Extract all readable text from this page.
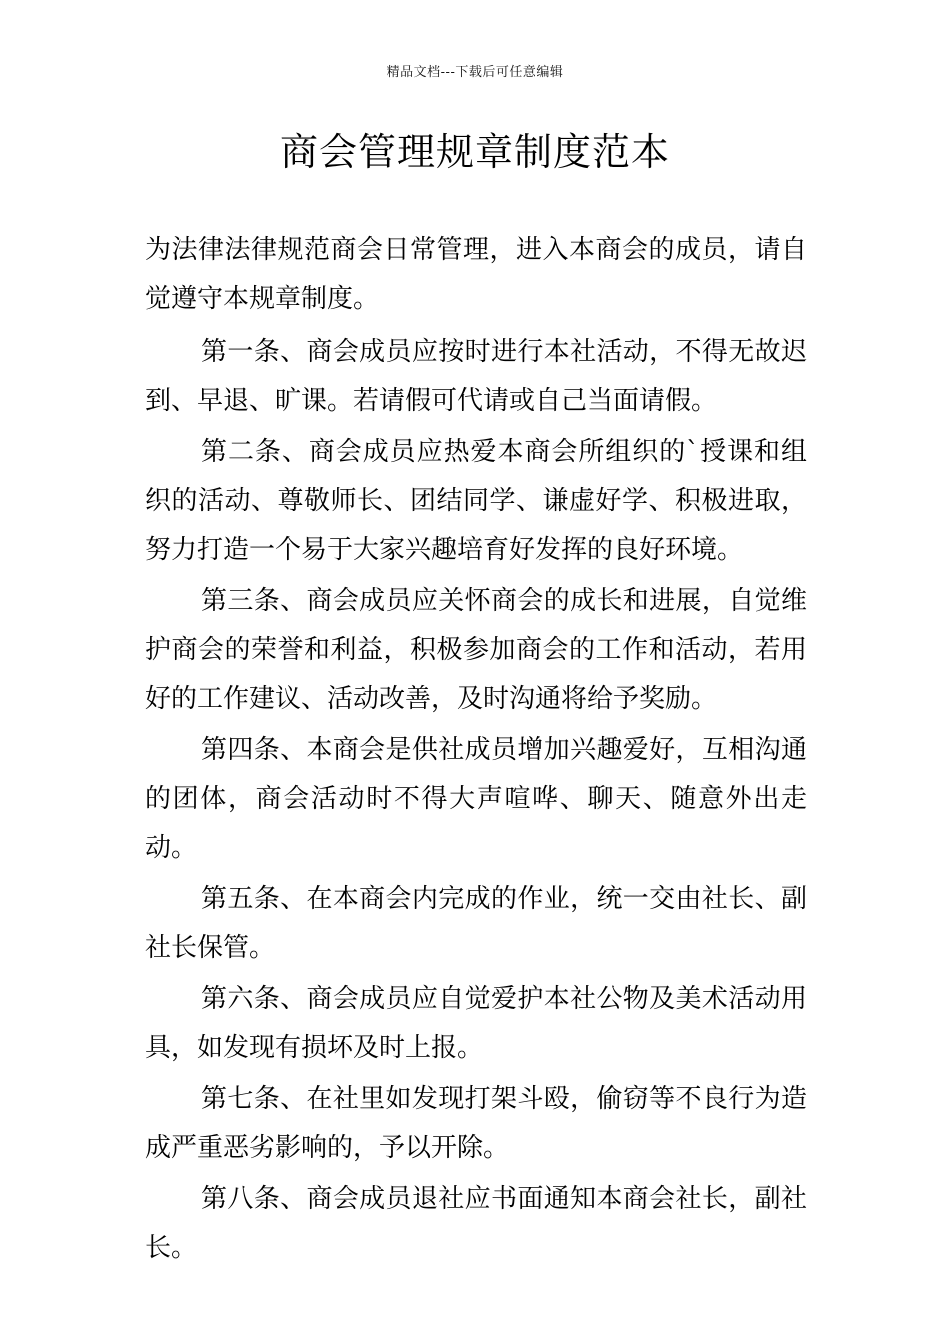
精品文档---下载后可任意编辑
商会管理规章制度范本

为法律法律规范商会日常管理，进入本商会的成员，请自觉遵守本规章制度。

第一条、商会成员应按时进行本社活动，不得无故迟到、早退、旷课。若请假可代请或自己当面请假。

第二条、商会成员应热爱本商会所组织的`授课和组织的活动、尊敬师长、团结同学、谦虚好学、积极进取，努力打造一个易于大家兴趣培育好发挥的良好环境。

第三条、商会成员应关怀商会的成长和进展，自觉维护商会的荣誉和利益，积极参加商会的工作和活动，若用好的工作建议、活动改善，及时沟通将给予奖励。

第四条、本商会是供社成员增加兴趣爱好，互相沟通的团体，商会活动时不得大声喧哗、聊天、随意外出走动。

第五条、在本商会内完成的作业，统一交由社长、副社长保管。

第六条、商会成员应自觉爱护本社公物及美术活动用具，如发现有损坏及时上报。

第七条、在社里如发现打架斗殴，偷窃等不良行为造成严重恶劣影响的，予以开除。

第八条、商会成员退社应书面通知本商会社长，副社长。
